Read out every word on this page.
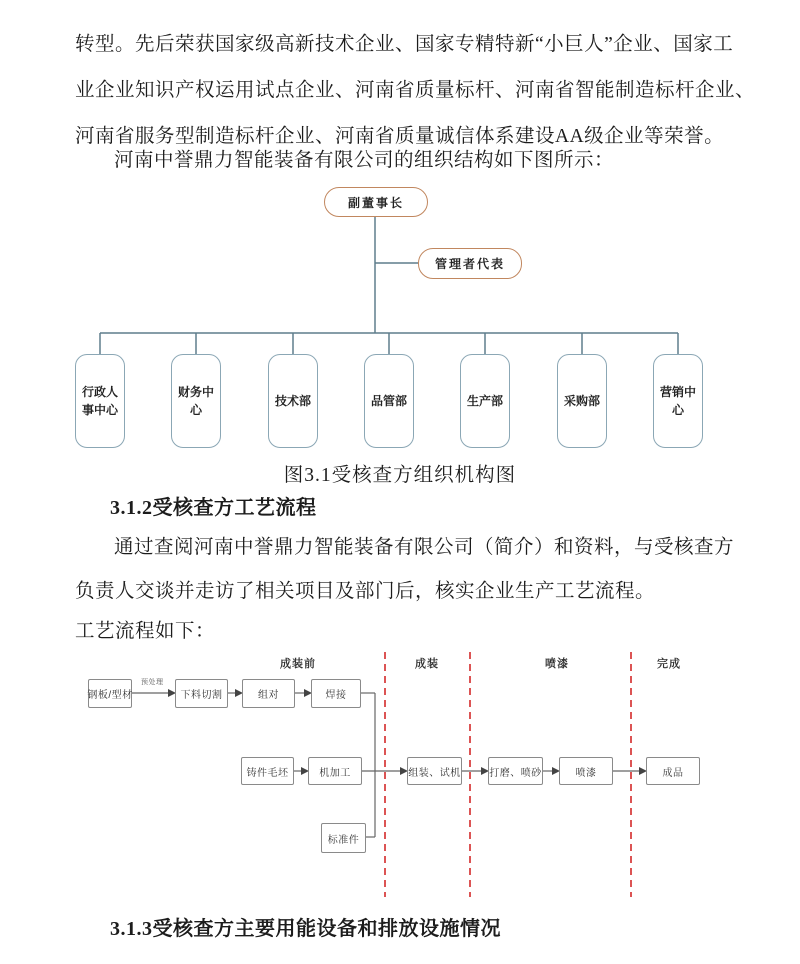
转型。先后荣获国家级高新技术企业、国家专精特新“小巨人”企业、国家工
业企业知识产权运用试点企业、河南省质量标杆、河南省智能制造标杆企业、
河南省服务型制造标杆企业、河南省质量诚信体系建设AA级企业等荣誉。
河南中誉鼎力智能装备有限公司的组织结构如下图所示：
副董事长
管理者代表
行政人事中心
财务中心
技术部	品管部	生产部	采购部
营销中心
图3.1受核查方组织机构图
3.1.2受核查方工艺流程
通过查阅河南中誉鼎力智能装备有限公司（简介）和资料，与受核查方
负责人交谈并走访了相关项目及部门后，核实企业生产工艺流程。
工艺流程如下：
成装前	成装	喷漆	完成
钢板/型材	下料切割	组对	焊接
预处理
铸件毛坯	机加工	组装、试机	打磨、喷砂	喷漆	成品
标准件
3.1.3受核查方主要用能设备和排放设施情况
